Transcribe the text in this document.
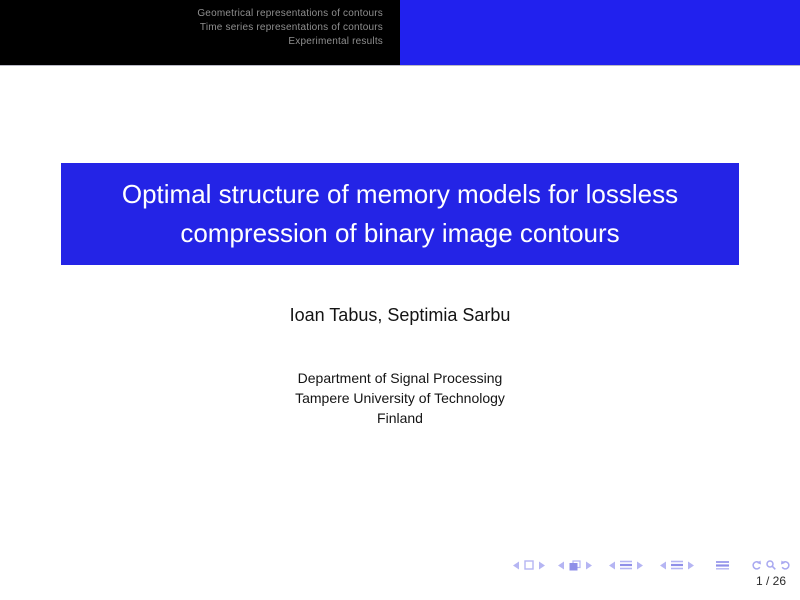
Geometrical representations of contours
Time series representations of contours
Experimental results
Optimal structure of memory models for lossless
compression of binary image contours
Ioan Tabus, Septimia Sarbu
Department of Signal Processing
Tampere University of Technology
Finland
1 / 26
